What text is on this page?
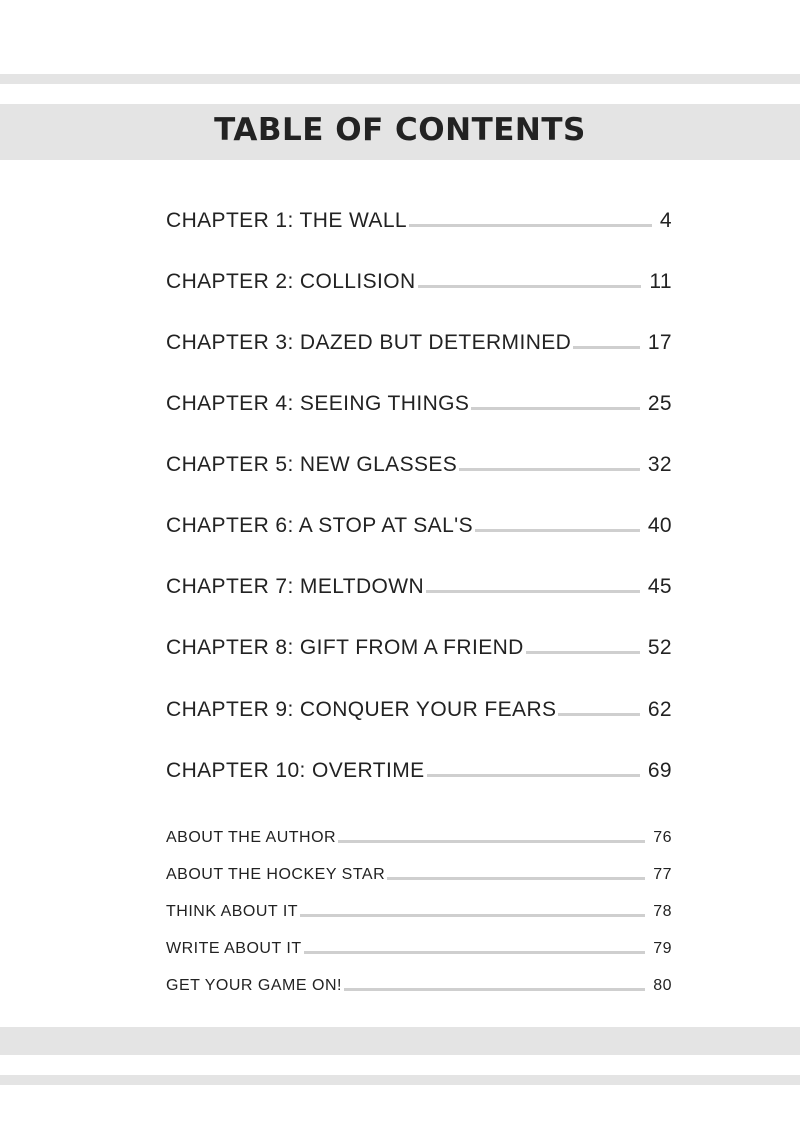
TABLE OF CONTENTS
CHAPTER 1: THE WALL	4
CHAPTER 2: COLLISION	11
CHAPTER 3: DAZED BUT DETERMINED	17
CHAPTER 4: SEEING THINGS	25
CHAPTER 5: NEW GLASSES	32
CHAPTER 6: A STOP AT SAL'S	40
CHAPTER 7: MELTDOWN	45
CHAPTER 8: GIFT FROM A FRIEND	52
CHAPTER 9: CONQUER YOUR FEARS	62
CHAPTER 10: OVERTIME	69
ABOUT THE AUTHOR	76
ABOUT THE HOCKEY STAR	77
THINK ABOUT IT	78
WRITE ABOUT IT	79
GET YOUR GAME ON!	80
